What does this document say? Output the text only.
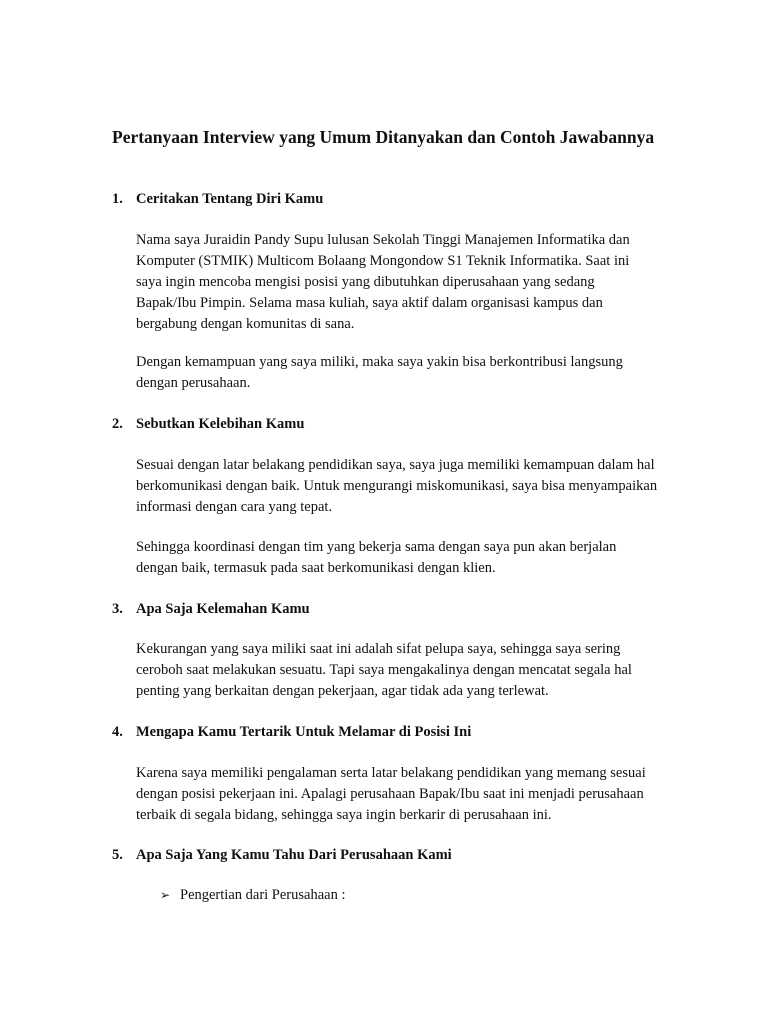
Pertanyaan Interview yang Umum Ditanyakan dan Contoh Jawabannya
1. Ceritakan Tentang Diri Kamu
Nama saya Juraidin Pandy Supu lulusan Sekolah Tinggi Manajemen Informatika dan
Komputer (STMIK) Multicom Bolaang Mongondow S1 Teknik Informatika. Saat ini
saya ingin mencoba mengisi posisi yang dibutuhkan diperusahaan yang sedang
Bapak/Ibu Pimpin. Selama masa kuliah, saya aktif dalam organisasi kampus dan
bergabung dengan komunitas di sana.
Dengan kemampuan yang saya miliki, maka saya yakin bisa berkontribusi langsung
dengan perusahaan.
2. Sebutkan Kelebihan Kamu
Sesuai dengan latar belakang pendidikan saya, saya juga memiliki kemampuan dalam hal
berkomunikasi dengan baik. Untuk mengurangi miskomunikasi, saya bisa menyampaikan
informasi dengan cara yang tepat.
Sehingga koordinasi dengan tim yang bekerja sama dengan saya pun akan berjalan
dengan baik, termasuk pada saat berkomunikasi dengan klien.
3. Apa Saja Kelemahan Kamu
Kekurangan yang saya miliki saat ini adalah sifat pelupa saya, sehingga saya sering
ceroboh saat melakukan sesuatu. Tapi saya mengakalinya dengan mencatat segala hal
penting yang berkaitan dengan pekerjaan, agar tidak ada yang terlewat.
4. Mengapa Kamu Tertarik Untuk Melamar di Posisi Ini
Karena saya memiliki pengalaman serta latar belakang pendidikan yang memang sesuai
dengan posisi pekerjaan ini. Apalagi perusahaan Bapak/Ibu saat ini menjadi perusahaan
terbaik di segala bidang, sehingga saya ingin berkarir di perusahaan ini.
5. Apa Saja Yang Kamu Tahu Dari Perusahaan Kami
➢ Pengertian dari Perusahaan :
